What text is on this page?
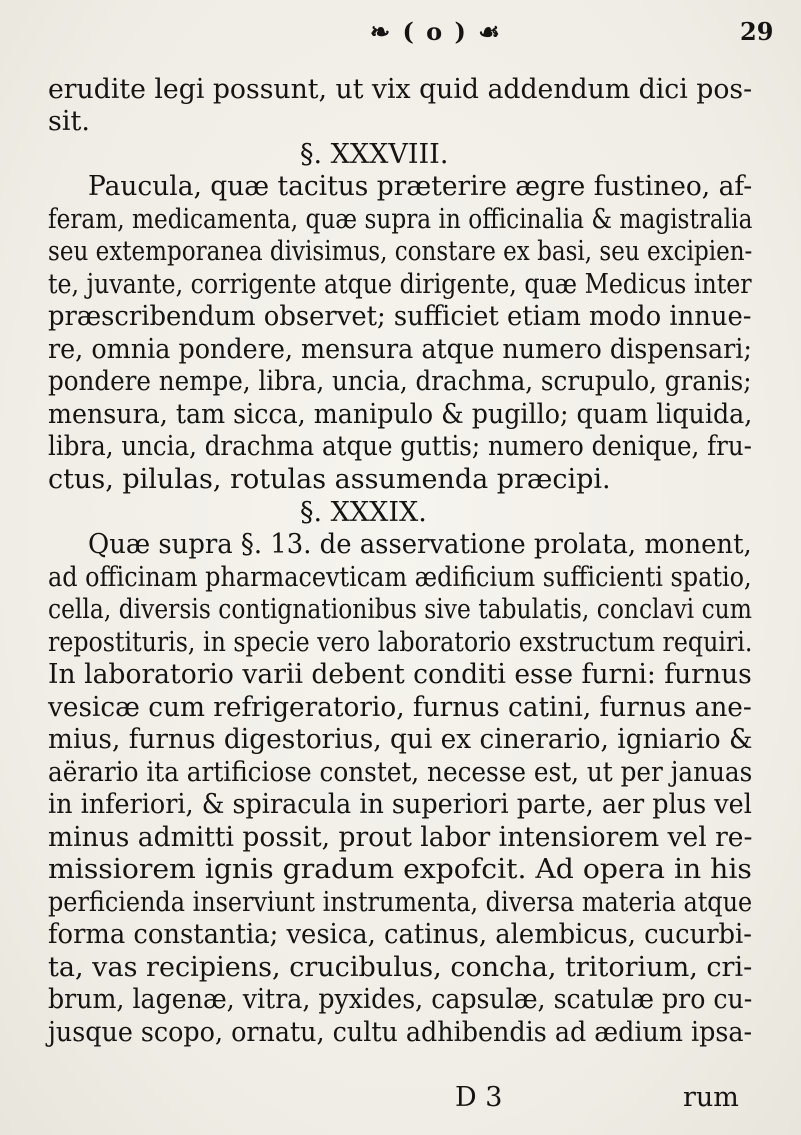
❧ ( o ) ☙	29
erudite legi possunt, ut vix quid addendum dici pos-
sit.
§. XXXVIII.
Paucula, quæ tacitus præterire ægre fustineo, af-
feram, medicamenta, quæ supra in officinalia & magistralia
seu extemporanea divisimus, constare ex basi, seu excipien-
te, juvante, corrigente atque dirigente, quæ Medicus inter
præscribendum observet; sufficiet etiam modo innue-
re, omnia pondere, mensura atque numero dispensari;
pondere nempe, libra, uncia, drachma, scrupulo, granis;
mensura, tam sicca, manipulo & pugillo; quam liquida,
libra, uncia, drachma atque guttis; numero denique, fru-
ctus, pilulas, rotulas assumenda præcipi.
§. XXXIX.
Quæ supra §. 13. de asservatione prolata, monent,
ad officinam pharmacevticam ædificium sufficienti spatio,
cella, diversis contignationibus sive tabulatis, conclavi cum
repostituris, in specie vero laboratorio exstructum requiri.
In laboratorio varii debent conditi esse furni: furnus
vesicæ cum refrigeratorio, furnus catini, furnus ane-
mius, furnus digestorius, qui ex cinerario, igniario &
aërario ita artificiose constet, necesse est, ut per januas
in inferiori, & spiracula in superiori parte, aer plus vel
minus admitti possit, prout labor intensiorem vel re-
missiorem ignis gradum expofcit. Ad opera in his
perficienda inserviunt instrumenta, diversa materia atque
forma constantia; vesica, catinus, alembicus, cucurbi-
ta, vas recipiens, crucibulus, concha, tritorium, cri-
brum, lagenæ, vitra, pyxides, capsulæ, scatulæ pro cu-
jusque scopo, ornatu, cultu adhibendis ad ædium ipsa-
D 3	rum
